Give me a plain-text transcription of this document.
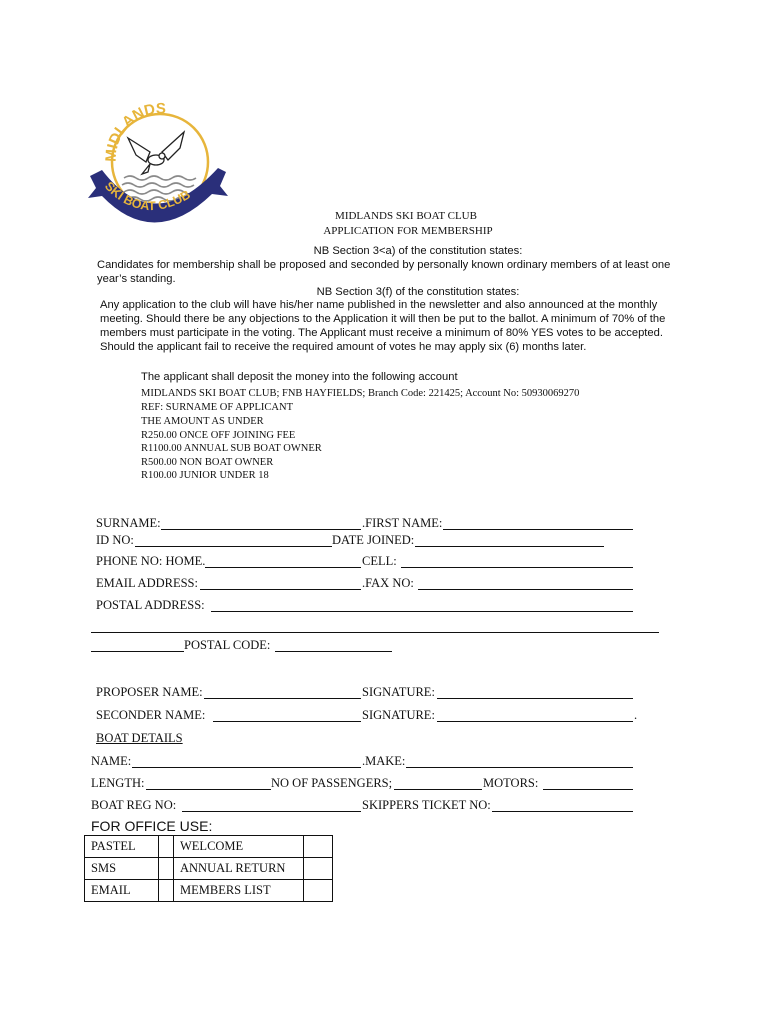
MIDLANDS
SKI BOAT CLUB
MIDLANDS SKI BOAT CLUB
APPLICATION FOR MEMBERSHIP
NB Section 3<a) of the constitution states:
Candidates for membership shall be proposed and seconded by personally known ordinary members of at least one
year’s standing.
NB Section 3(f) of the constitution states:
Any application to the club will have his/her name published in the newsletter and also announced at the monthly
meeting. Should there be any objections to the Application it will then be put to the ballot. A minimum of 70% of the
members must participate in the voting. The Applicant must receive a minimum of 80% YES votes to be accepted.
Should the applicant fail to receive the required amount of votes he may apply six (6) months later.
The applicant shall deposit the money into the following account
MIDLANDS SKI BOAT CLUB; FNB HAYFIELDS; Branch Code: 221425; Account No: 50930069270
REF: SURNAME OF APPLICANT
THE AMOUNT AS UNDER
R250.00 ONCE OFF JOINING FEE
R1100.00 ANNUAL SUB BOAT OWNER
R500.00 NON BOAT OWNER
R100.00 JUNIOR UNDER 18
SURNAME:	.FIRST NAME:
ID NO:	DATE JOINED:
PHONE NO: HOME.	CELL:
EMAIL ADDRESS:	.FAX NO:
POSTAL ADDRESS:
POSTAL CODE:
PROPOSER NAME:	SIGNATURE:
SECONDER NAME:	SIGNATURE:	.
BOAT DETAILS
NAME:	.MAKE:
LENGTH:	NO OF PASSENGERS;	MOTORS:
BOAT REG NO:	SKIPPERS TICKET NO:
FOR OFFICE USE:
PASTEL		WELCOME	
SMS		ANNUAL RETURN	
EMAIL		MEMBERS LIST	
